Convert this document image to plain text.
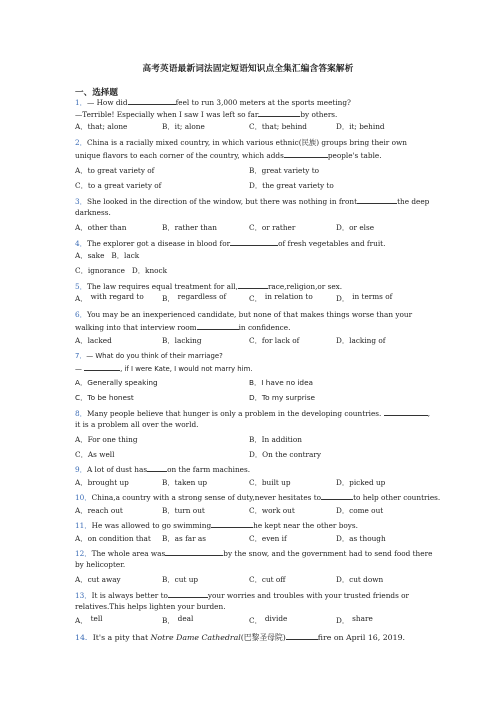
高考英语最新词法固定短语知识点全集汇编含答案解析
一、选择题
1．— How did	feel to run 3,000 meters at the sports meeting?
—Terrible! Especially when I saw I was left so far	by others.
A．that; alone	B．it; alone	C．that; behind	D．it; behind
2．China is a racially mixed country, in which various ethnic(民族) groups bring their own
unique flavors to each corner of the country, which adds	people's table.
A．to great variety of	B．great variety to
C．to a great variety of	D．the great variety to
3．She looked in the direction of the window, but there was nothing in front	the deep
darkness.
A．other than	B．rather than	C．or rather	D．or else
4．The explorer got a disease in blood for	of fresh vegetables and fruit.
A．sake B．lack
C．ignorance D．knock
5．The law requires equal treatment for all,	race,religion,or sex.
A． with regard to	B． regardless of	C． in relation to	D． in terms of
6．You may be an inexperienced candidate, but none of that makes things worse than your
walking into that interview room	in confidence.
A．lacked	B．lacking	C．for lack of	D．lacking of
7．— What do you think of their marriage?
—	, if I were Kate, I would not marry him.
A．Generally speaking	B．I have no idea
C．To be honest	D．To my surprise
8．Many people believe that hunger is only a problem in the developing countries.	,
it is a problem all over the world.
A．For one thing	B．In addition
C．As well	D．On the contrary
9．A lot of dust has	on the farm machines.
A．brought up	B．taken up	C．built up	D．picked up
10．China,a country with a strong sense of duty,never hesitates to	to help other countries.
A．reach out	B．turn out	C．work out	D．come out
11．He was allowed to go swimming	he kept near the other boys.
A．on condition that B．as far as	C．even if	D．as though
12．The whole area was	by the snow, and the government had to send food there
by helicopter.
A．cut away	B．cut up	C．cut off	D．cut down
13．It is always better to	your worries and troubles with your trusted friends or
relatives.This helps lighten your burden.
A． tell	B． deal	C． divide	D． share
14．It's a pity that Notre Dame Cathedral(巴黎圣母院)	fire on April 16, 2019.
